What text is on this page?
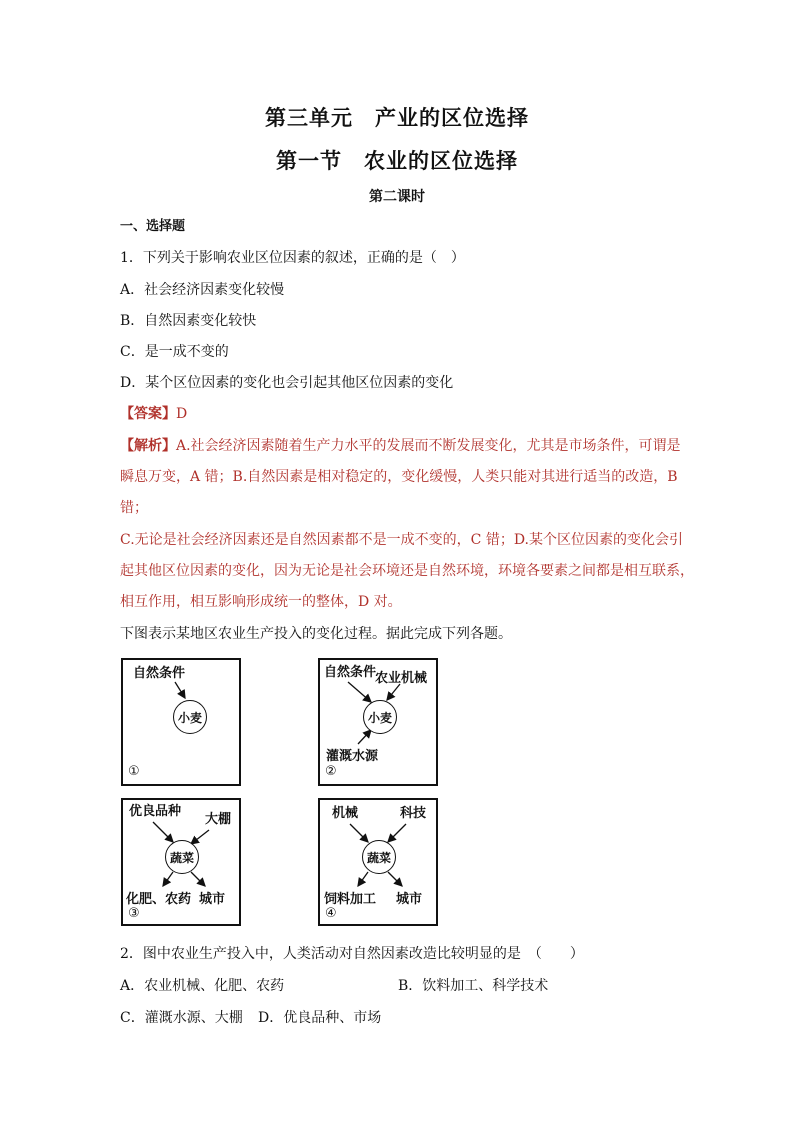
第三单元　产业的区位选择
第一节　农业的区位选择
第二课时
一、选择题
1．下列关于影响农业区位因素的叙述，正确的是（　）
A．社会经济因素变化较慢
B．自然因素变化较快
C．是一成不变的
D．某个区位因素的变化也会引起其他区位因素的变化
【答案】D
【解析】A.社会经济因素随着生产力水平的发展而不断发展变化，尤其是市场条件，可谓是
瞬息万变，A 错；B.自然因素是相对稳定的，变化缓慢，人类只能对其进行适当的改造，B
错；
C.无论是社会经济因素还是自然因素都不是一成不变的，C 错；D.某个区位因素的变化会引
起其他区位因素的变化，因为无论是社会环境还是自然环境，环境各要素之间都是相互联系，
相互作用，相互影响形成统一的整体，D 对。
下图表示某地区农业生产投入的变化过程。据此完成下列各题。
自然条件
小麦
①
自然条件
农业机械
小麦
灌溉水源
②
优良品种
大棚
蔬菜
化肥、农药 城市
③
机械	科技
蔬菜
饲料加工 城市
④
2．图中农业生产投入中，人类活动对自然因素改造比较明显的是　（　　）
A．农业机械、化肥、农药	B．饮料加工、科学技术
C．灌溉水源、大棚 D．优良品种、市场
